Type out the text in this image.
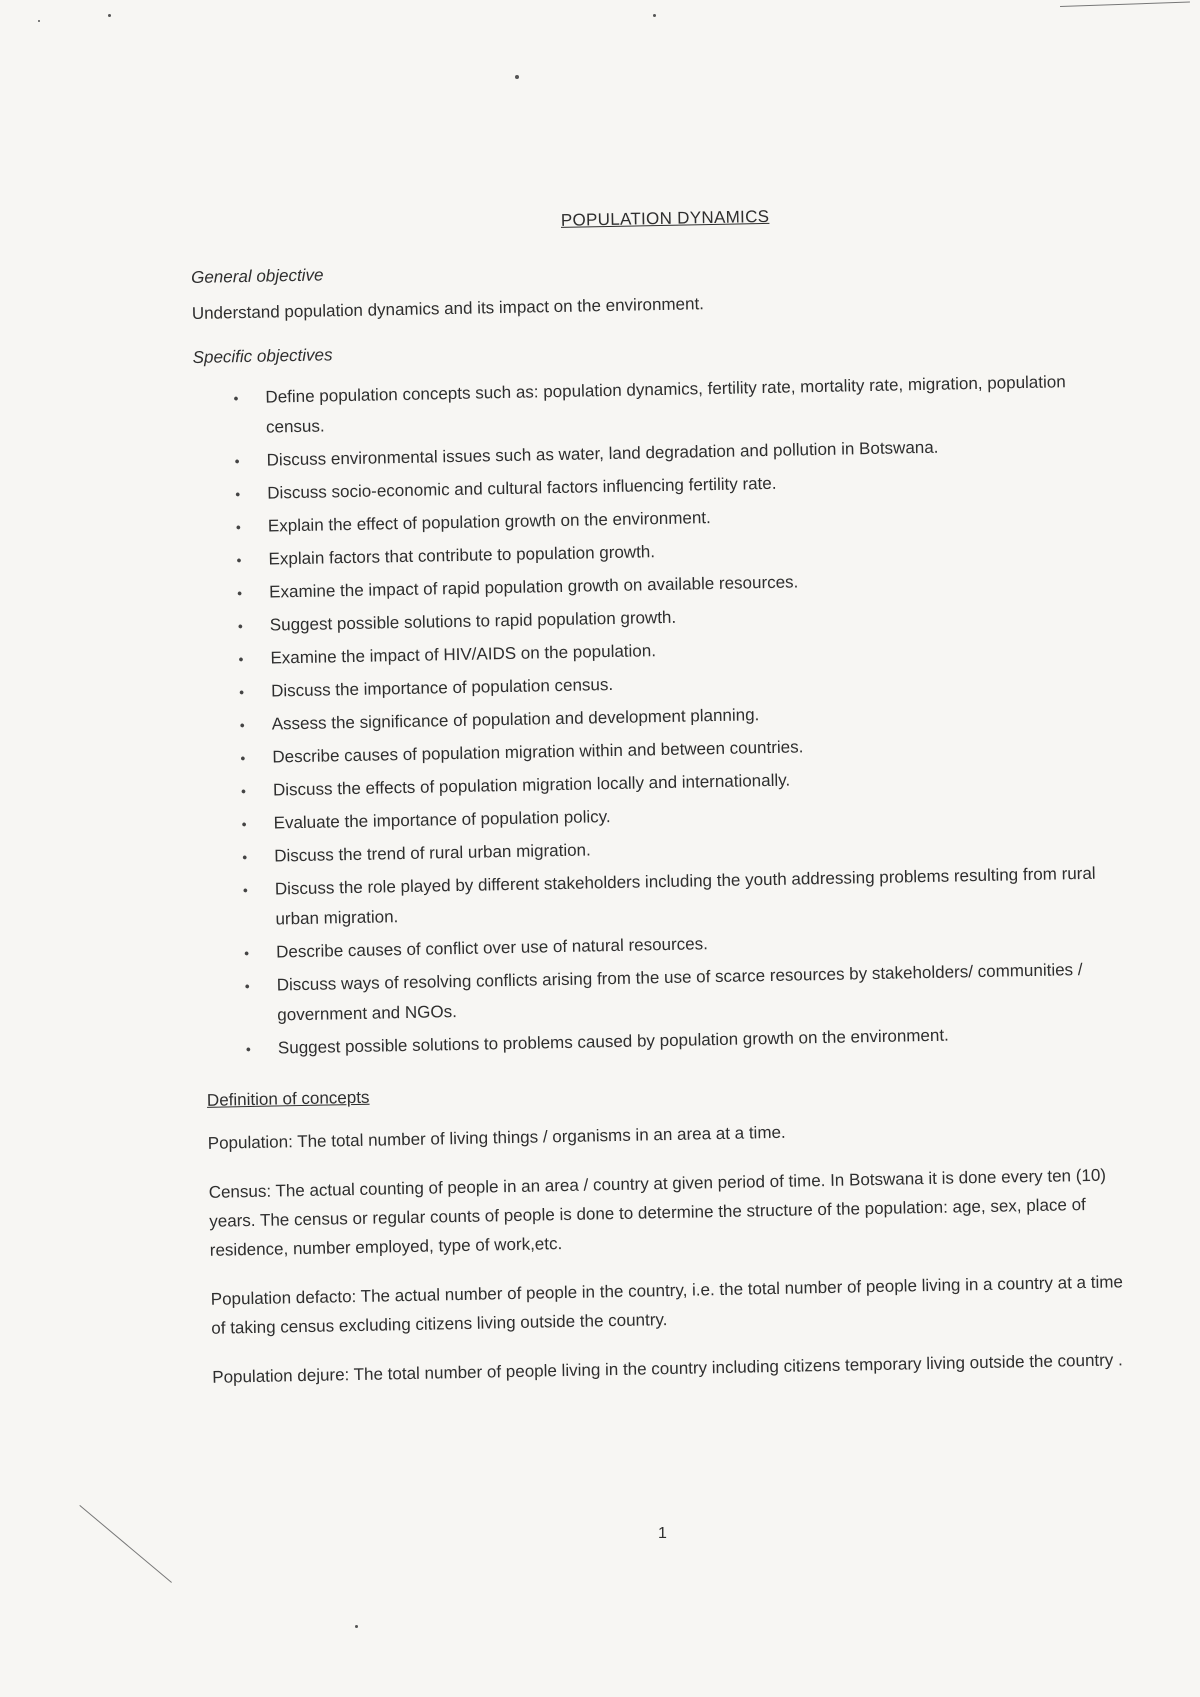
POPULATION DYNAMICS
General objective
Understand population dynamics and its impact on the environment.
Specific objectives
• Define population concepts such as: population dynamics, fertility rate, mortality rate, migration, population census.
• Discuss environmental issues such as water, land degradation and pollution in Botswana.
• Discuss socio-economic and cultural factors influencing fertility rate.
• Explain the effect of population growth on the environment.
• Explain factors that contribute to population growth.
• Examine the impact of rapid population growth on available resources.
• Suggest possible solutions to rapid population growth.
• Examine the impact of HIV/AIDS on the population.
• Discuss the importance of population census.
• Assess the significance of population and development planning.
• Describe causes of population migration within and between countries.
• Discuss the effects of population migration locally and internationally.
• Evaluate the importance of population policy.
• Discuss the trend of rural urban migration.
• Discuss the role played by different stakeholders including the youth addressing problems resulting from rural urban migration.
• Describe causes of conflict over use of natural resources.
• Discuss ways of resolving conflicts arising from the use of scarce resources by stakeholders/ communities / government and NGOs.
• Suggest possible solutions to problems caused by population growth on the environment.
Definition of concepts
Population: The total number of living things / organisms in an area at a time.
Census: The actual counting of people in an area / country at given period of time. In Botswana it is done every ten (10) years. The census or regular counts of people is done to determine the structure of the population: age, sex, place of residence, number employed, type of work,etc.
Population defacto: The actual number of people in the country, i.e. the total number of people living in a country at a time of taking census excluding citizens living outside the country.
Population dejure: The total number of people living in the country including citizens temporary living outside the country .
1
